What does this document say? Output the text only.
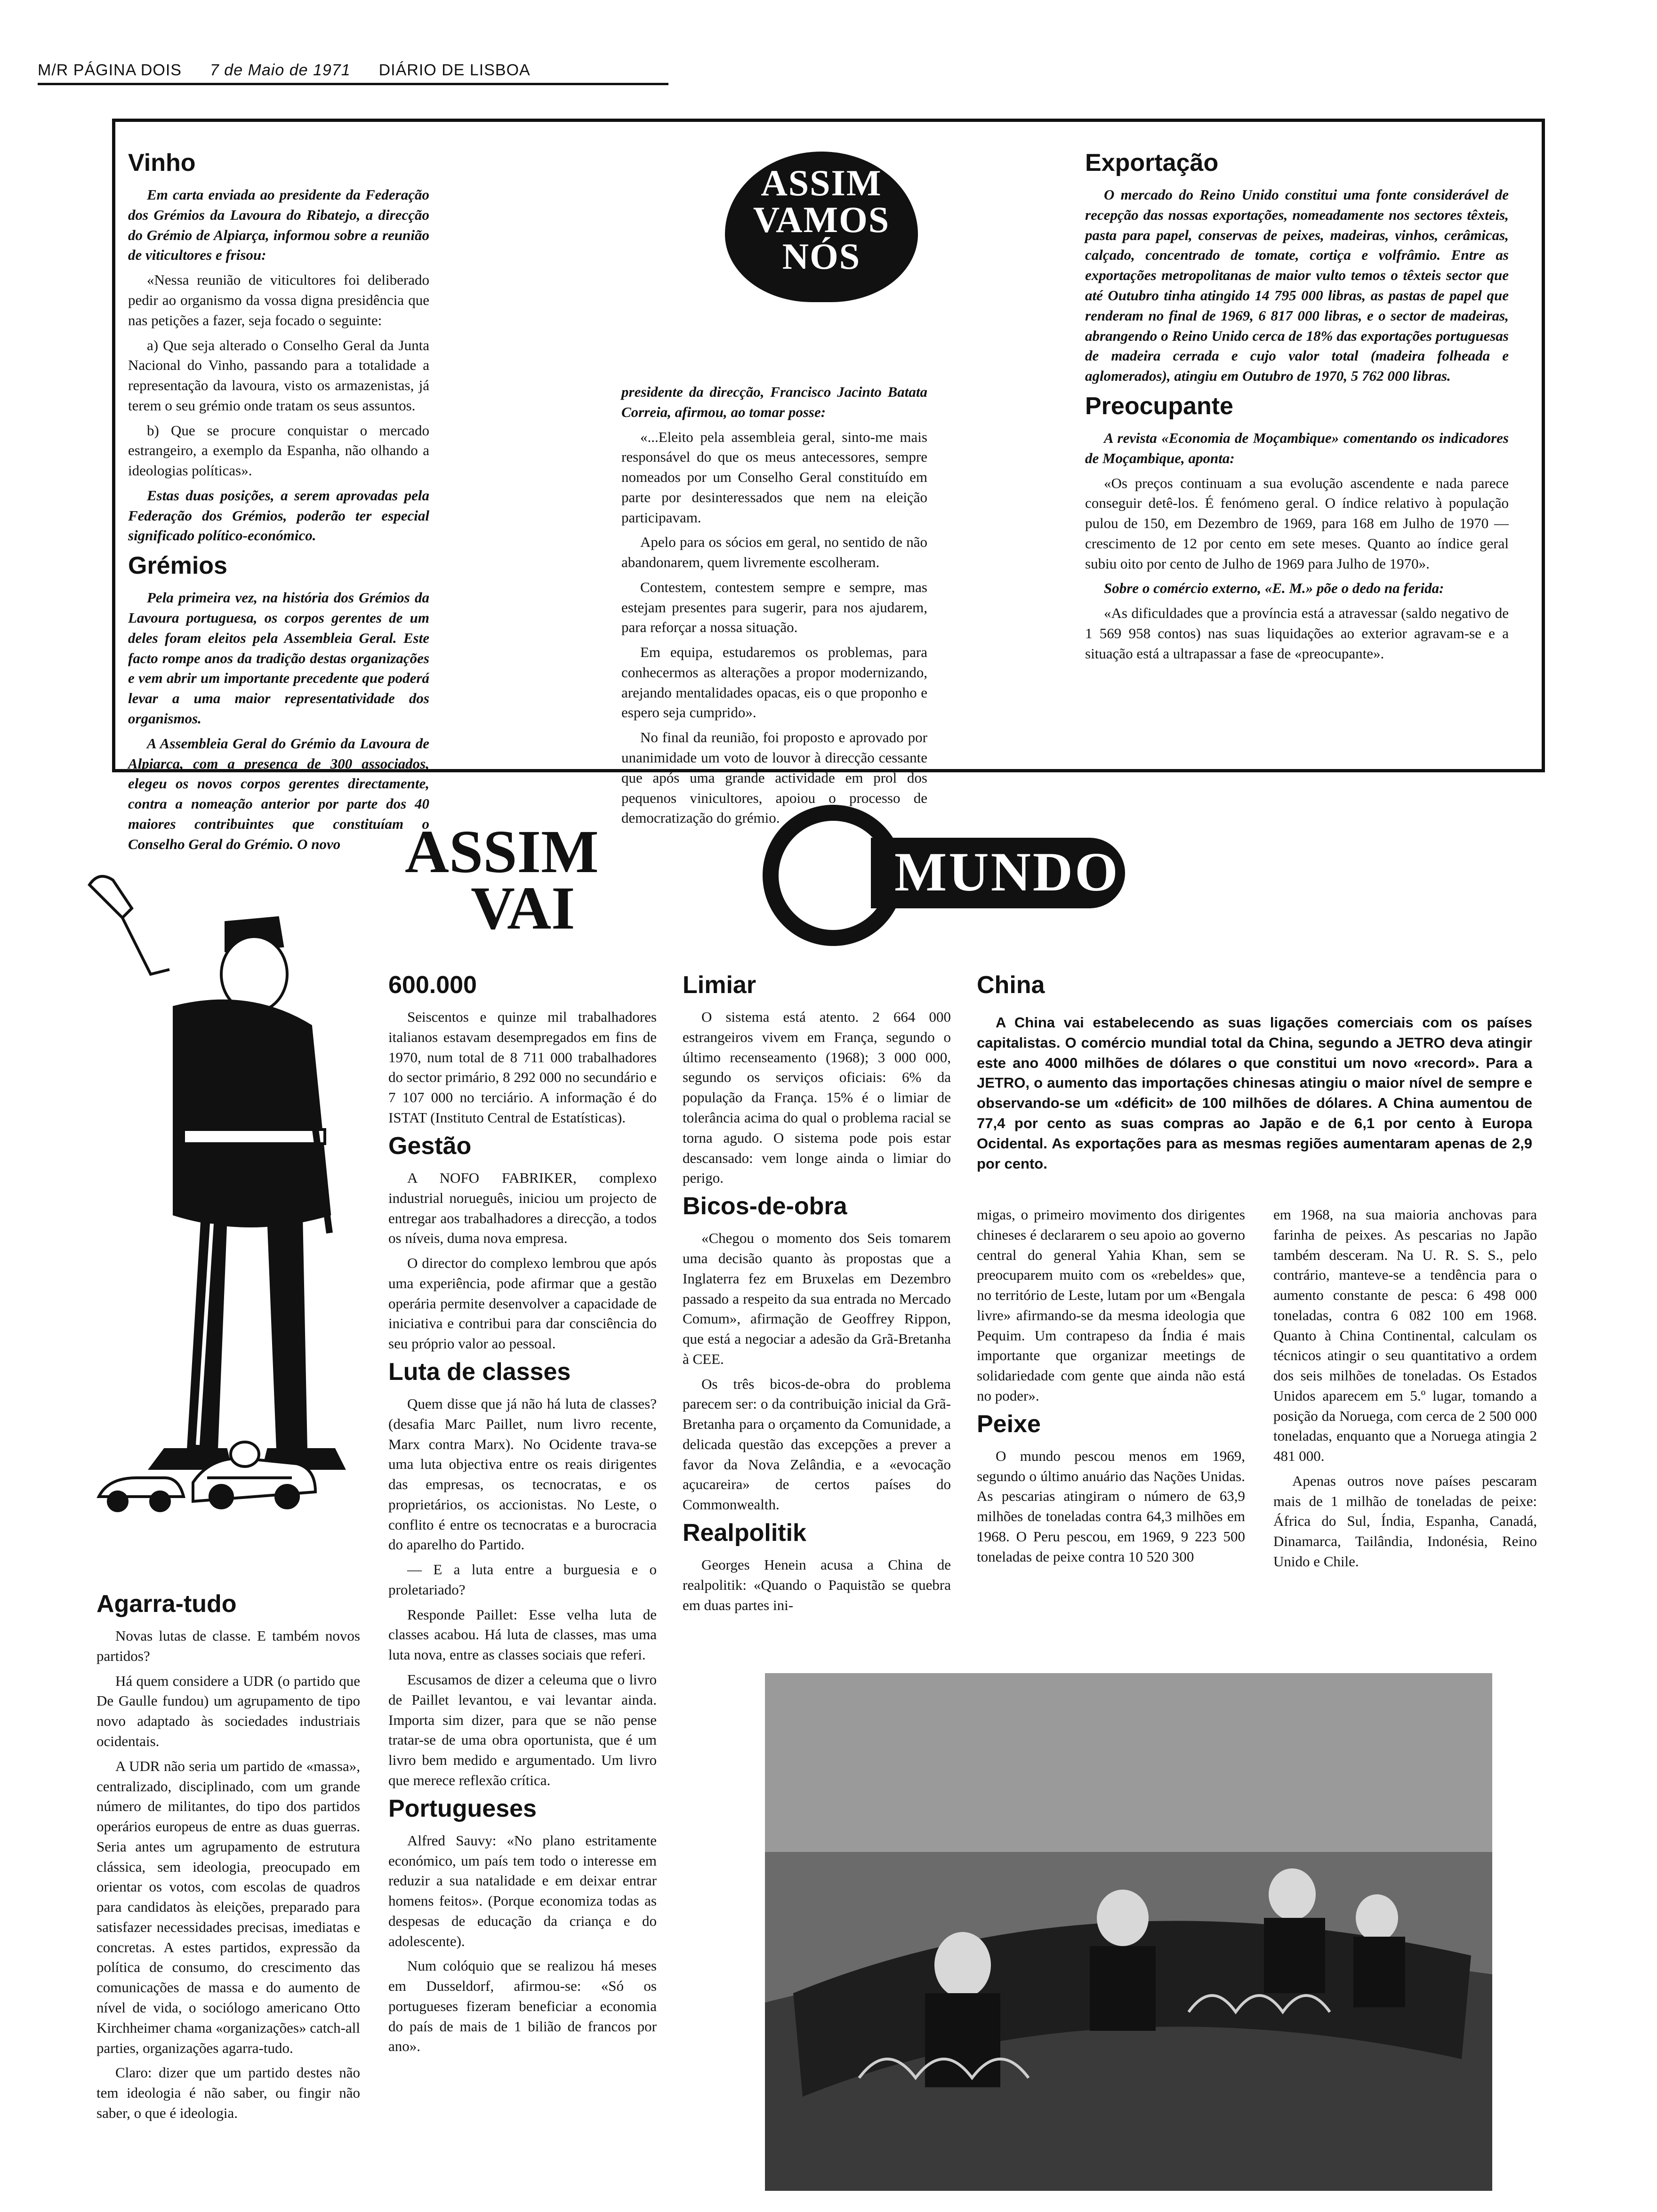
M/R PÁGINA DOIS 7 de Maio de 1971 DIÁRIO DE LISBOA
ASSIM
VAMOS
NÓS
Vinho

Em carta enviada ao presidente da Federação dos Grémios da Lavoura do Ribatejo, a direcção do Grémio de Alpiarça, informou sobre a reunião de viticultores e frisou:

«Nessa reunião de viticultores foi deliberado pedir ao organismo da vossa digna presidência que nas petições a fazer, seja focado o seguinte:

a) Que seja alterado o Conselho Geral da Junta Nacional do Vinho, passando para a totalidade a representação da lavoura, visto os armazenistas, já terem o seu grémio onde tratam os seus assuntos.

b) Que se procure conquistar o mercado estrangeiro, a exemplo da Espanha, não olhando a ideologias políticas».

Estas duas posições, a serem aprovadas pela Federação dos Grémios, poderão ter especial significado político-económico.

Grémios

Pela primeira vez, na história dos Grémios da Lavoura portuguesa, os corpos gerentes de um deles foram eleitos pela Assembleia Geral. Este facto rompe anos da tradição destas organizações e vem abrir um importante precedente que poderá levar a uma maior representatividade dos organismos.

A Assembleia Geral do Grémio da Lavoura de Alpiarça, com a presença de 300 associados, elegeu os novos corpos gerentes directamente, contra a nomeação anterior por parte dos 40 maiores contribuintes que constituíam o Conselho Geral do Grémio. O novo

presidente da direcção, Francisco Jacinto Batata Correia, afirmou, ao tomar posse:

«...Eleito pela assembleia geral, sinto-me mais responsável do que os meus antecessores, sempre nomeados por um Conselho Geral constituído em parte por desinteressados que nem na eleição participavam.

Apelo para os sócios em geral, no sentido de não abandonarem, quem livremente escolheram.

Contestem, contestem sempre e sempre, mas estejam presentes para sugerir, para nos ajudarem, para reforçar a nossa situação.

Em equipa, estudaremos os problemas, para conhecermos as alterações a propor modernizando, arejando mentalidades opacas, eis o que proponho e espero seja cumprido».

No final da reunião, foi proposto e aprovado por unanimidade um voto de louvor à direcção cessante que após uma grande actividade em prol dos pequenos vinicultores, apoiou o processo de democratização do grémio.

Exportação

O mercado do Reino Unido constitui uma fonte considerável de recepção das nossas exportações, nomeadamente nos sectores têxteis, pasta para papel, conservas de peixes, madeiras, vinhos, cerâmicas, calçado, concentrado de tomate, cortiça e volfrâmio. Entre as exportações metropolitanas de maior vulto temos o têxteis sector que até Outubro tinha atingido 14 795 000 libras, as pastas de papel que renderam no final de 1969, 6 817 000 libras, e o sector de madeiras, abrangendo o Reino Unido cerca de 18% das exportações portuguesas de madeira cerrada e cujo valor total (madeira folheada e aglomerados), atingiu em Outubro de 1970, 5 762 000 libras.

Preocupante

A revista «Economia de Moçambique» comentando os indicadores de Moçambique, aponta:

«Os preços continuam a sua evolução ascendente e nada parece conseguir detê-los. É fenómeno geral. O índice relativo à população pulou de 150, em Dezembro de 1969, para 168 em Julho de 1970 — crescimento de 12 por cento em sete meses. Quanto ao índice geral subiu oito por cento de Julho de 1969 para Julho de 1970».

Sobre o comércio externo, «E. M.» põe o dedo na ferida:

«As dificuldades que a província está a atravessar (saldo negativo de 1 569 958 contos) nas suas liquidações ao exterior agravam-se e a situação está a ultrapassar a fase de «preocupante».

ASSIM
VAI
MUNDO
Agarra-tudo

Novas lutas de classe. E também novos partidos?

Há quem considere a UDR (o partido que De Gaulle fundou) um agrupamento de tipo novo adaptado às sociedades industriais ocidentais.

A UDR não seria um partido de «massa», centralizado, disciplinado, com um grande número de militantes, do tipo dos partidos operários europeus de entre as duas guerras. Seria antes um agrupamento de estrutura clássica, sem ideologia, preocupado em orientar os votos, com escolas de quadros para candidatos às eleições, preparado para satisfazer necessidades precisas, imediatas e concretas. A estes partidos, expressão da política de consumo, do crescimento das comunicações de massa e do aumento de nível de vida, o sociólogo americano Otto Kirchheimer chama «organizações» catch-all parties, organizações agarra-tudo.

Claro: dizer que um partido destes não tem ideologia é não saber, ou fingir não saber, o que é ideologia.

600.000

Seiscentos e quinze mil trabalhadores italianos estavam desempregados em fins de 1970, num total de 8 711 000 trabalhadores do sector primário, 8 292 000 no secundário e 7 107 000 no terciário. A informação é do ISTAT (Instituto Central de Estatísticas).

Gestão

A NOFO FABRIKER, complexo industrial norueguês, iniciou um projecto de entregar aos trabalhadores a direcção, a todos os níveis, duma nova empresa.

O director do complexo lembrou que após uma experiência, pode afirmar que a gestão operária permite desenvolver a capacidade de iniciativa e contribui para dar consciência do seu próprio valor ao pessoal.

Luta de classes

Quem disse que já não há luta de classes? (desafia Marc Paillet, num livro recente, Marx contra Marx). No Ocidente trava-se uma luta objectiva entre os reais dirigentes das empresas, os tecnocratas, e os proprietários, os accionistas. No Leste, o conflito é entre os tecnocratas e a burocracia do aparelho do Partido.

— E a luta entre a burguesia e o proletariado?

Responde Paillet: Esse velha luta de classes acabou. Há luta de classes, mas uma luta nova, entre as classes sociais que referi.

Escusamos de dizer a celeuma que o livro de Paillet levantou, e vai levantar ainda. Importa sim dizer, para que se não pense tratar-se de uma obra oportunista, que é um livro bem medido e argumentado. Um livro que merece reflexão crítica.

Portugueses

Alfred Sauvy: «No plano estritamente económico, um país tem todo o interesse em reduzir a sua natalidade e em deixar entrar homens feitos». (Porque economiza todas as despesas de educação da criança e do adolescente).

Num colóquio que se realizou há meses em Dusseldorf, afirmou-se: «Só os portugueses fizeram beneficiar a economia do país de mais de 1 bilião de francos por ano».

Limiar

O sistema está atento. 2 664 000 estrangeiros vivem em França, segundo o último recenseamento (1968); 3 000 000, segundo os serviços oficiais: 6% da população da França. 15% é o limiar de tolerância acima do qual o problema racial se torna agudo. O sistema pode pois estar descansado: vem longe ainda o limiar do perigo.

Bicos-de-obra

«Chegou o momento dos Seis tomarem uma decisão quanto às propostas que a Inglaterra fez em Bruxelas em Dezembro passado a respeito da sua entrada no Mercado Comum», afirmação de Geoffrey Rippon, que está a negociar a adesão da Grã-Bretanha à CEE.

Os três bicos-de-obra do problema parecem ser: o da contribuição inicial da Grã-Bretanha para o orçamento da Comunidade, a delicada questão das excepções a prever a favor da Nova Zelândia, e a «evocação açucareira» de certos países do Commonwealth.

Realpolitik

Georges Henein acusa a China de realpolitik: «Quando o Paquistão se quebra em duas partes ini-

China

A China vai estabelecendo as suas ligações comerciais com os países capitalistas. O comércio mundial total da China, segundo a JETRO deva atingir este ano 4000 milhões de dólares o que constitui um novo «record». Para a JETRO, o aumento das importações chinesas atingiu o maior nível de sempre e observando-se um «déficit» de 100 milhões de dólares. A China aumentou de 77,4 por cento as suas compras ao Japão e de 6,1 por cento à Europa Ocidental. As exportações para as mesmas regiões aumentaram apenas de 2,9 por cento.

migas, o primeiro movimento dos dirigentes chineses é declararem o seu apoio ao governo central do general Yahia Khan, sem se preocuparem muito com os «rebeldes» que, no território de Leste, lutam por um «Bengala livre» afirmando-se da mesma ideologia que Pequim. Um contrapeso da Índia é mais importante que organizar meetings de solidariedade com gente que ainda não está no poder».

Peixe

O mundo pescou menos em 1969, segundo o último anuário das Nações Unidas. As pescarias atingiram o número de 63,9 milhões de toneladas contra 64,3 milhões em 1968. O Peru pescou, em 1969, 9 223 500 toneladas de peixe contra 10 520 300

em 1968, na sua maioria anchovas para farinha de peixes. As pescarias no Japão também desceram. Na U. R. S. S., pelo contrário, manteve-se a tendência para o aumento constante de pesca: 6 498 000 toneladas, contra 6 082 100 em 1968. Quanto à China Continental, calculam os técnicos atingir o seu quantitativo a ordem dos seis milhões de toneladas. Os Estados Unidos aparecem em 5.º lugar, tomando a posição da Noruega, com cerca de 2 500 000 toneladas, enquanto que a Noruega atingia 2 481 000.

Apenas outros nove países pescaram mais de 1 milhão de toneladas de peixe: África do Sul, Índia, Espanha, Canadá, Dinamarca, Tailândia, Indonésia, Reino Unido e Chile.
